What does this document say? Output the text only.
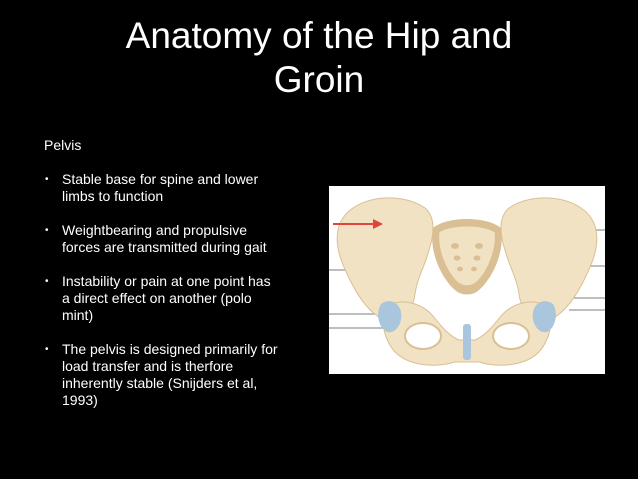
Anatomy of the Hip and
Groin
Pelvis
• Stable base for spine and lower
limbs to function
• Weightbearing and propulsive
forces are transmitted during gait
• Instability or pain at one point has
a direct effect on another (polo
mint)
• The pelvis is designed primarily for
load transfer and is therfore
inherently stable (Snijders et al,
1993)
